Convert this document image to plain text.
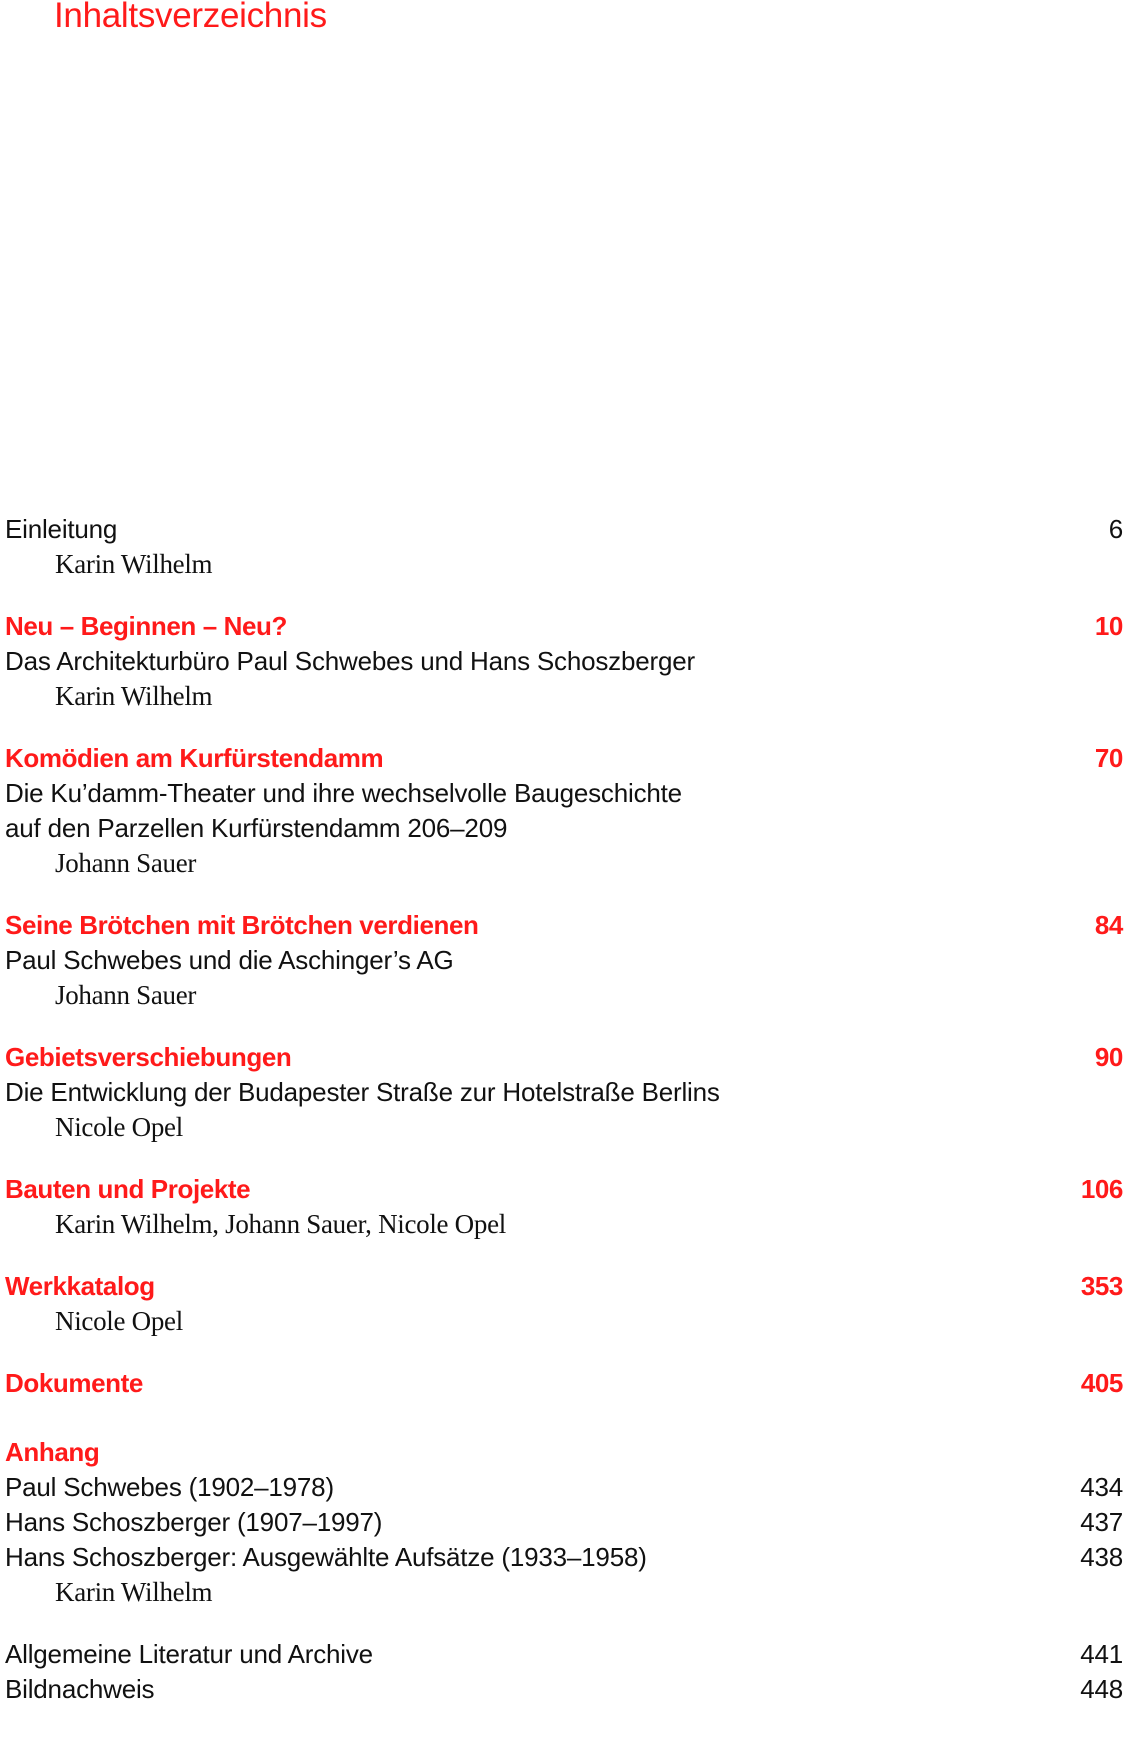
Inhaltsverzeichnis
Einleitung	6
Karin Wilhelm
Neu – Beginnen – Neu?	10
Das Architekturbüro Paul Schwebes und Hans Schoszberger
Karin Wilhelm
Komödien am Kurfürstendamm	70
Die Ku’damm-Theater und ihre wechselvolle Baugeschichte
auf den Parzellen Kurfürstendamm 206–209
Johann Sauer
Seine Brötchen mit Brötchen verdienen	84
Paul Schwebes und die Aschinger’s AG
Johann Sauer
Gebietsverschiebungen	90
Die Entwicklung der Budapester Straße zur Hotelstraße Berlins
Nicole Opel
Bauten und Projekte	106
Karin Wilhelm, Johann Sauer, Nicole Opel
Werkkatalog	353
Nicole Opel
Dokumente	405
Anhang
Paul Schwebes (1902–1978)	434
Hans Schoszberger (1907–1997)	437
Hans Schoszberger: Ausgewählte Aufsätze (1933–1958)	438
Karin Wilhelm
Allgemeine Literatur und Archive	441
Bildnachweis	448
